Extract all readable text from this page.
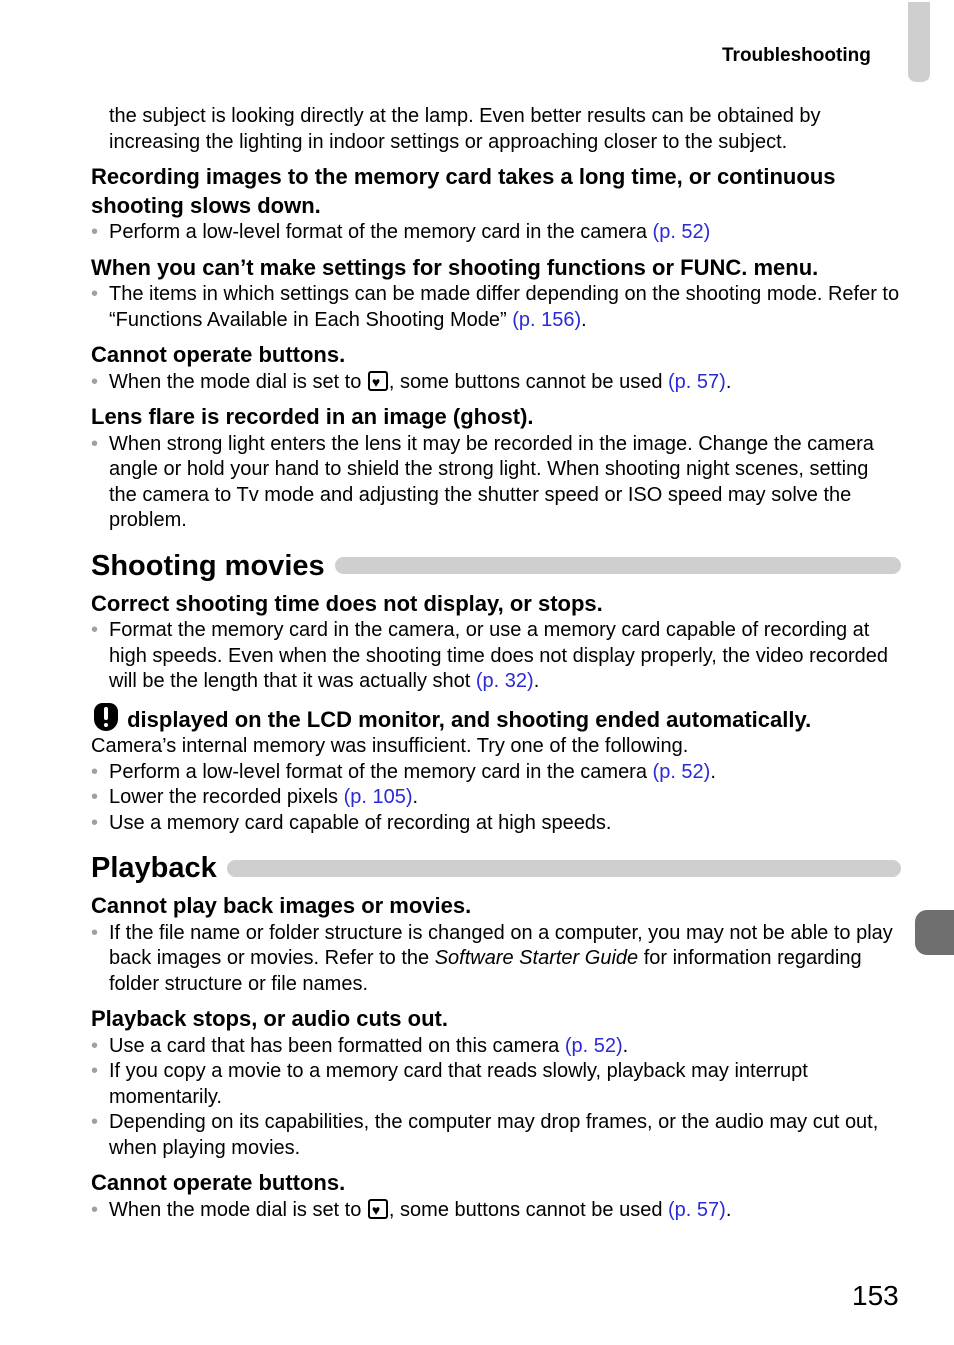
Troubleshooting

the subject is looking directly at the lamp. Even better results can be obtained by increasing the lighting in indoor settings or approaching closer to the subject.

Recording images to the memory card takes a long time, or continuous shooting slows down.

• Perform a low-level format of the memory card in the camera (p. 52)

When you can’t make settings for shooting functions or FUNC. menu.

• The items in which settings can be made differ depending on the shooting mode. Refer to “Functions Available in Each Shooting Mode” (p. 156).

Cannot operate buttons.

• When the mode dial is set to ♥, some buttons cannot be used (p. 57).

Lens flare is recorded in an image (ghost).

• When strong light enters the lens it may be recorded in the image. Change the camera angle or hold your hand to shield the strong light. When shooting night scenes, setting the camera to Tv mode and adjusting the shutter speed or ISO speed may solve the problem.

Shooting movies
Correct shooting time does not display, or stops.

• Format the memory card in the camera, or use a memory card capable of recording at high speeds. Even when the shooting time does not display properly, the video recorded will be the length that it was actually shot (p. 32).

displayed on the LCD monitor, and shooting ended automatically.

Camera’s internal memory was insufficient. Try one of the following.

• Perform a low-level format of the memory card in the camera (p. 52).

• Lower the recorded pixels (p. 105).

• Use a memory card capable of recording at high speeds.

Playback
Cannot play back images or movies.

• If the file name or folder structure is changed on a computer, you may not be able to play back images or movies. Refer to the Software Starter Guide for information regarding folder structure or file names.

Playback stops, or audio cuts out.

• Use a card that has been formatted on this camera (p. 52).

• If you copy a movie to a memory card that reads slowly, playback may interrupt momentarily.

• Depending on its capabilities, the computer may drop frames, or the audio may cut out, when playing movies.

Cannot operate buttons.

• When the mode dial is set to ♥, some buttons cannot be used (p. 57).

153
